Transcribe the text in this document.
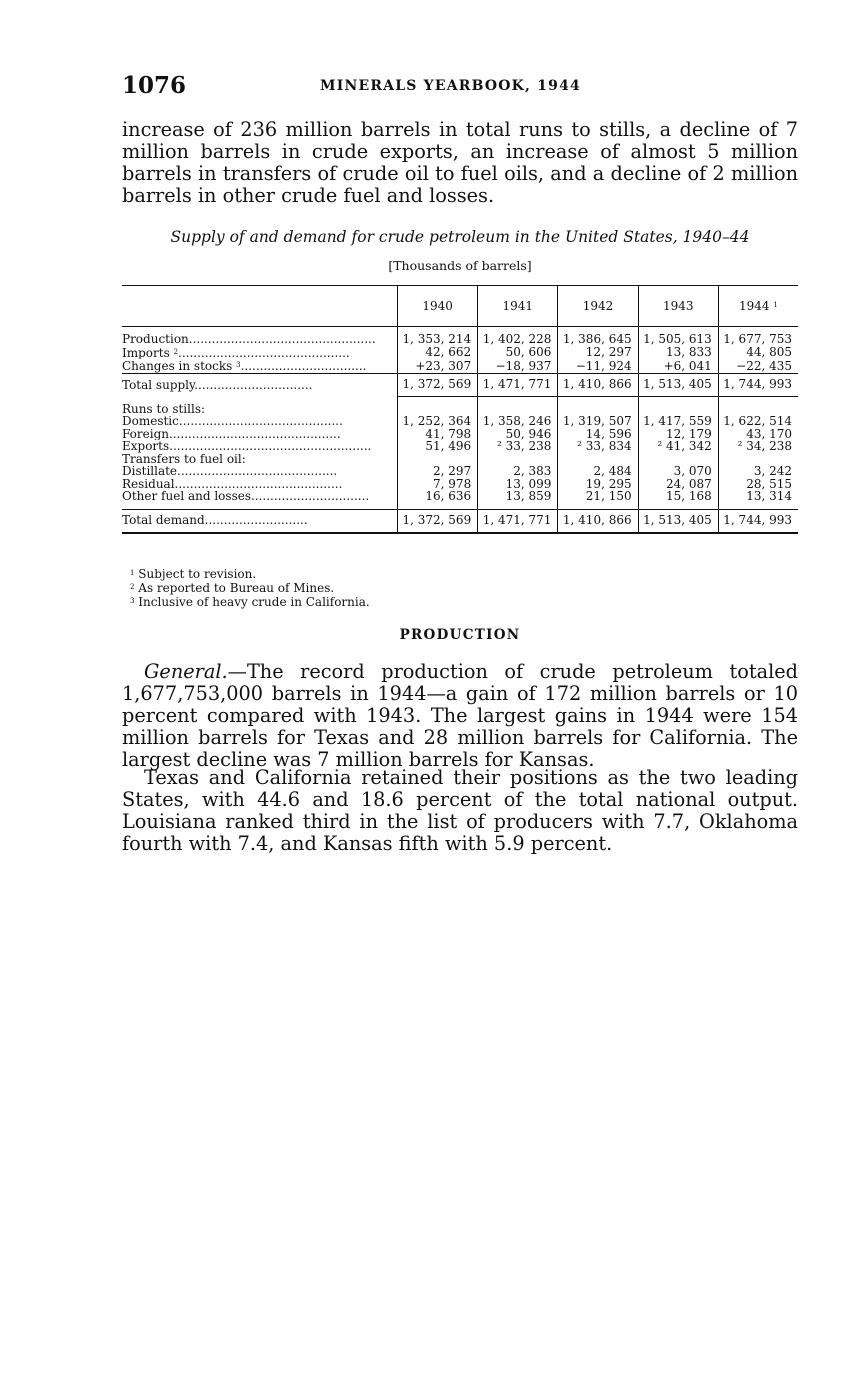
1076	MINERALS YEARBOOK, 1944
increase of 236 million barrels in total runs to stills, a decline of 7 million barrels in crude exports, an increase of almost 5 million barrels in transfers of crude oil to fuel oils, and a decline of 2 million barrels in other crude fuel and losses.
Supply of and demand for crude petroleum in the United States, 1940–44
[Thousands of barrels]
	1940	1941	1942	1943	1944 $^1$

Production.................................................	1, 353, 214	1, 402, 228	1, 386, 645	1, 505, 613	1, 677, 753
Imports $^2$.............................................	42, 662	50, 606	12, 297	13, 833	44, 805
Changes in stocks $^3$.................................	+23, 307	−18, 937	−11, 924	+6, 041	−22, 435
Total supply...............................	1, 372, 569	1, 471, 771	1, 410, 866	1, 513, 405	1, 744, 993

Runs to stills:					
Domestic...........................................	1, 252, 364	1, 358, 246	1, 319, 507	1, 417, 559	1, 622, 514
Foreign.............................................	41, 798	50, 946	14, 596	12, 179	43, 170
Exports.....................................................	51, 496	² 33, 238	² 33, 834	² 41, 342	² 34, 238
Transfers to fuel oil:					
Distillate..........................................	2, 297	2, 383	2, 484	3, 070	3, 242
Residual............................................	7, 978	13, 099	19, 295	24, 087	28, 515
Other fuel and losses...............................	16, 636	13, 859	21, 150	15, 168	13, 314

Total demand...........................	1, 372, 569	1, 471, 771	1, 410, 866	1, 513, 405	1, 744, 993

$^1$ Subject to revision.
$^2$ As reported to Bureau of Mines.
$^3$ Inclusive of heavy crude in California.
PRODUCTION
General.—The record production of crude petroleum totaled 1,677,753,000 barrels in 1944—a gain of 172 million barrels or 10 percent compared with 1943. The largest gains in 1944 were 154 million barrels for Texas and 28 million barrels for California. The largest decline was 7 million barrels for Kansas.
Texas and California retained their positions as the two leading States, with 44.6 and 18.6 percent of the total national output. Louisiana ranked third in the list of producers with 7.7, Oklahoma fourth with 7.4, and Kansas fifth with 5.9 percent.
